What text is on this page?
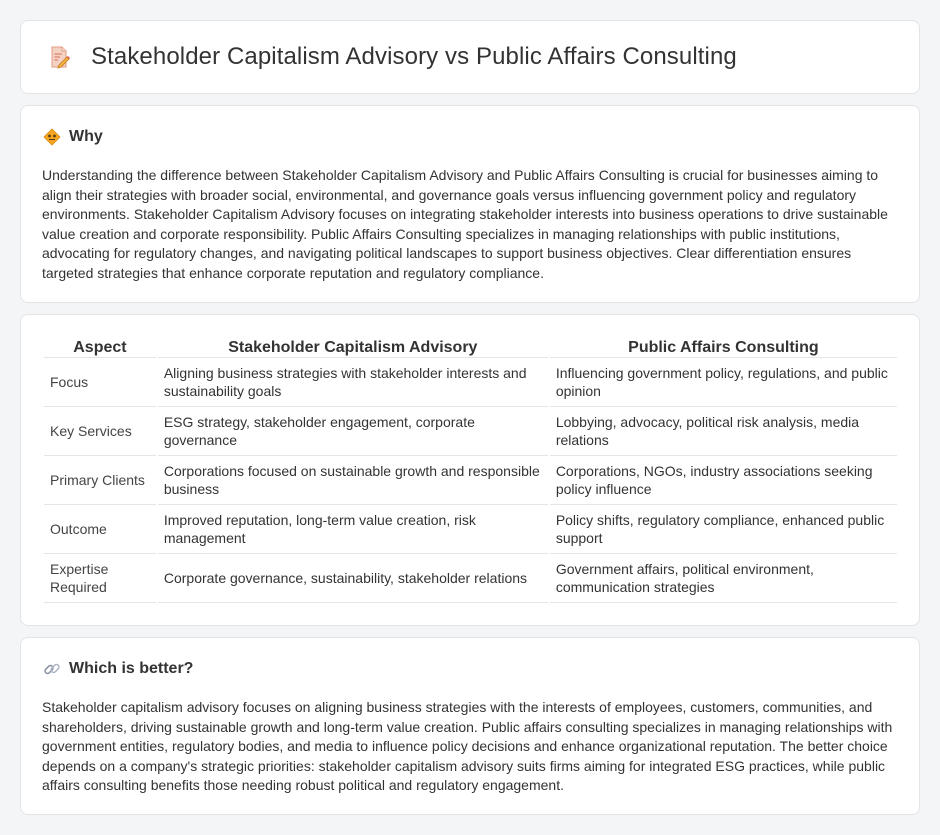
Stakeholder Capitalism Advisory vs Public Affairs Consulting
Why

Understanding the difference between Stakeholder Capitalism Advisory and Public Affairs Consulting is crucial for businesses aiming to align their strategies with broader social, environmental, and governance goals versus influencing government policy and regulatory environments. Stakeholder Capitalism Advisory focuses on integrating stakeholder interests into business operations to drive sustainable value creation and corporate responsibility. Public Affairs Consulting specializes in managing relationships with public institutions, advocating for regulatory changes, and navigating political landscapes to support business objectives. Clear differentiation ensures targeted strategies that enhance corporate reputation and regulatory compliance.

Aspect	Stakeholder Capitalism Advisory	Public Affairs Consulting
Focus	Aligning business strategies with stakeholder interests and sustainability goals	Influencing government policy, regulations, and public opinion
Key Services	ESG strategy, stakeholder engagement, corporate governance	Lobbying, advocacy, political risk analysis, media relations
Primary Clients	Corporations focused on sustainable growth and responsible business	Corporations, NGOs, industry associations seeking policy influence
Outcome	Improved reputation, long-term value creation, risk management	Policy shifts, regulatory compliance, enhanced public support
Expertise Required	Corporate governance, sustainability, stakeholder relations	Government affairs, political environment, communication strategies
Which is better?

Stakeholder capitalism advisory focuses on aligning business strategies with the interests of employees, customers, communities, and shareholders, driving sustainable growth and long-term value creation. Public affairs consulting specializes in managing relationships with government entities, regulatory bodies, and media to influence policy decisions and enhance organizational reputation. The better choice depends on a company's strategic priorities: stakeholder capitalism advisory suits firms aiming for integrated ESG practices, while public affairs consulting benefits those needing robust political and regulatory engagement.
